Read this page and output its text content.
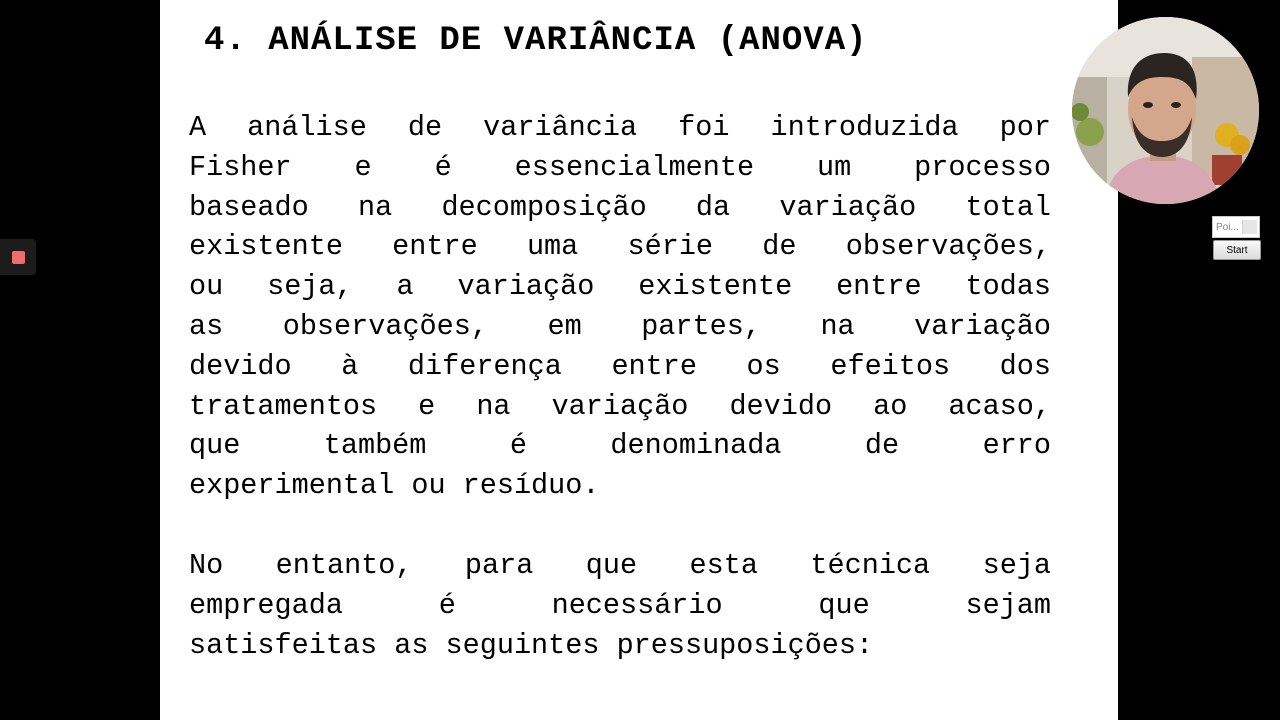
4. ANÁLISE DE VARIÂNCIA (ANOVA)
A análise de variância foi introduzida por
Fisher e é essencialmente um processo
baseado na decomposição da variação total
existente entre uma série de observações,
ou seja, a variação existente entre todas
as observações, em partes, na variação
devido à diferença entre os efeitos dos
tratamentos e na variação devido ao acaso,
que também é denominada de erro
experimental ou resíduo.
No entanto, para que esta técnica seja
empregada é necessário que sejam
satisfeitas as seguintes pressuposições:
Poi...
Start
